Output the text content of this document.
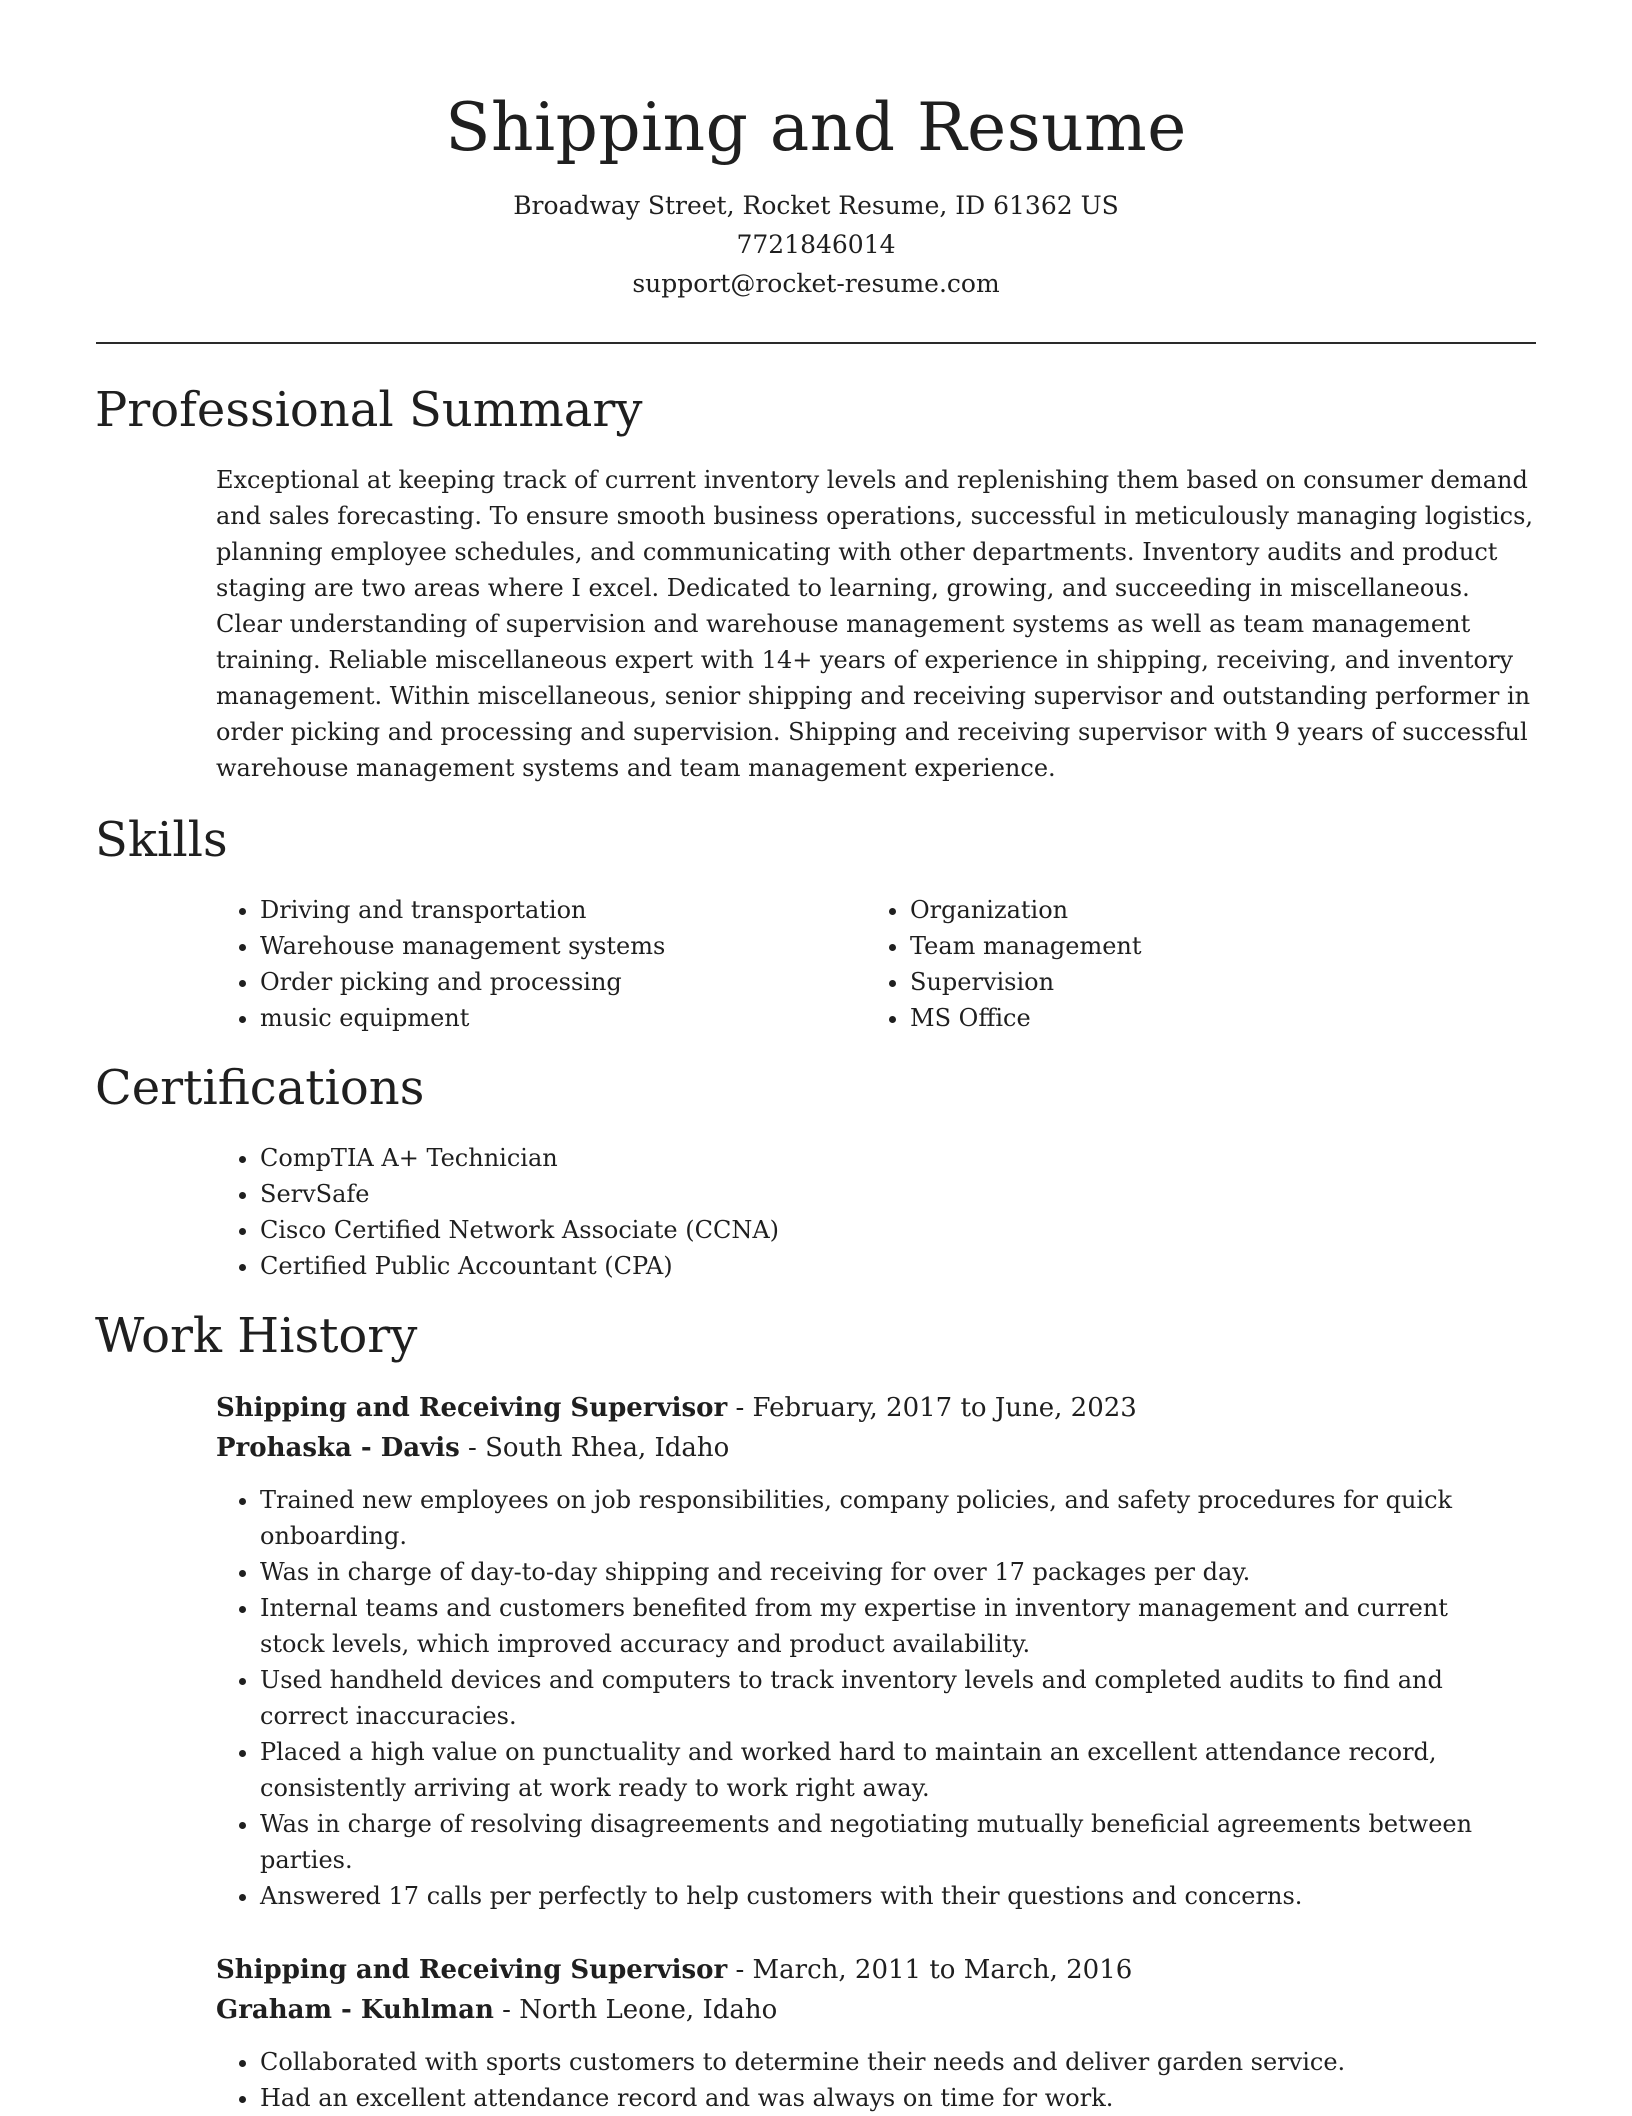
Shipping and Resume

Broadway Street, Rocket Resume, ID 61362 US

7721846014

support@rocket-resume.com

Professional Summary

Exceptional at keeping track of current inventory levels and replenishing them based on consumer demand and sales forecasting. To ensure smooth business operations, successful in meticulously managing logistics, planning employee schedules, and communicating with other departments. Inventory audits and product staging are two areas where I excel. Dedicated to learning, growing, and succeeding in miscellaneous. Clear understanding of supervision and warehouse management systems as well as team management training. Reliable miscellaneous expert with 14+ years of experience in shipping, receiving, and inventory management. Within miscellaneous, senior shipping and receiving supervisor and outstanding performer in order picking and processing and supervision. Shipping and receiving supervisor with 9 years of successful warehouse management systems and team management experience.

Skills
• Driving and transportation
• Warehouse management systems
• Order picking and processing
• music equipment
• Organization
• Team management
• Supervision
• MS Office
Certifications
• CompTIA A+ Technician
• ServSafe
• Cisco Certified Network Associate (CCNA)
• Certified Public Accountant (CPA)
Work History
Shipping and Receiving Supervisor - February, 2017 to June, 2023
Prohaska - Davis - South Rhea, Idaho
• Trained new employees on job responsibilities, company policies, and safety procedures for quick onboarding.
• Was in charge of day-to-day shipping and receiving for over 17 packages per day.
• Internal teams and customers benefited from my expertise in inventory management and current stock levels, which improved accuracy and product availability.
• Used handheld devices and computers to track inventory levels and completed audits to find and correct inaccuracies.
• Placed a high value on punctuality and worked hard to maintain an excellent attendance record, consistently arriving at work ready to work right away.
• Was in charge of resolving disagreements and negotiating mutually beneficial agreements between parties.
• Answered 17 calls per perfectly to help customers with their questions and concerns.
Shipping and Receiving Supervisor - March, 2011 to March, 2016
Graham - Kuhlman - North Leone, Idaho
• Collaborated with sports customers to determine their needs and deliver garden service.
• Had an excellent attendance record and was always on time for work.
